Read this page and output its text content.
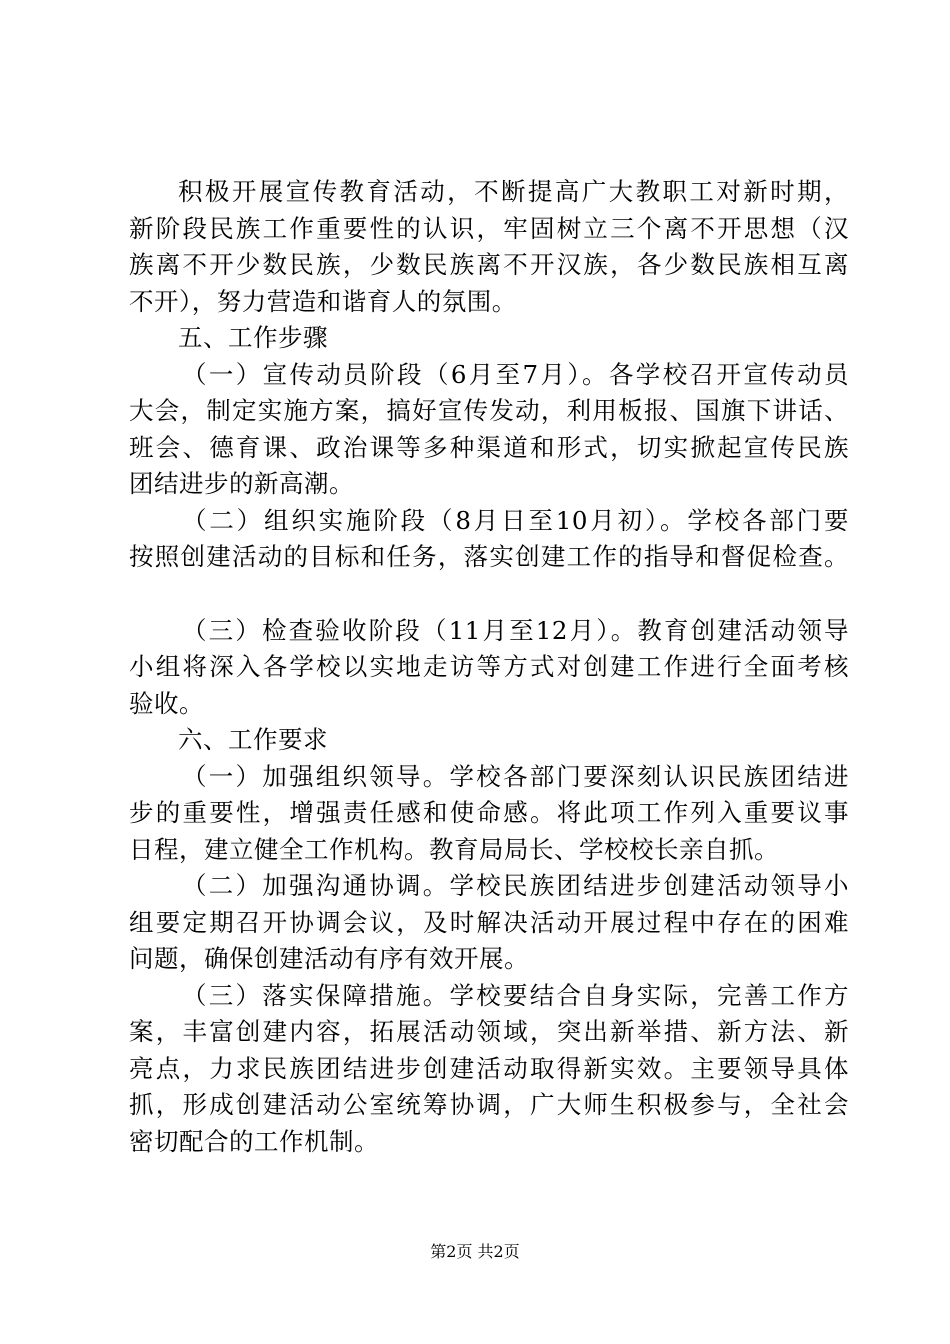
积极开展宣传教育活动，不断提高广大教职工对新时期，
新阶段民族工作重要性的认识，牢固树立三个离不开思想（汉
族离不开少数民族，少数民族离不开汉族，各少数民族相互离
不开），努力营造和谐育人的氛围。
五、工作步骤
（一）宣传动员阶段（6月至7月）。各学校召开宣传动员
大会，制定实施方案，搞好宣传发动，利用板报、国旗下讲话、
班会、德育课、政治课等多种渠道和形式，切实掀起宣传民族
团结进步的新高潮。
（二）组织实施阶段（8月日至10月初）。学校各部门要
按照创建活动的目标和任务，落实创建工作的指导和督促检查。
（三）检查验收阶段（11月至12月）。教育创建活动领导
小组将深入各学校以实地走访等方式对创建工作进行全面考核
验收。
六、工作要求
（一）加强组织领导。学校各部门要深刻认识民族团结进
步的重要性，增强责任感和使命感。将此项工作列入重要议事
日程，建立健全工作机构。教育局局长、学校校长亲自抓。
（二）加强沟通协调。学校民族团结进步创建活动领导小
组要定期召开协调会议，及时解决活动开展过程中存在的困难
问题，确保创建活动有序有效开展。
（三）落实保障措施。学校要结合自身实际，完善工作方
案，丰富创建内容，拓展活动领域，突出新举措、新方法、新
亮点，力求民族团结进步创建活动取得新实效。主要领导具体
抓，形成创建活动公室统筹协调，广大师生积极参与，全社会
密切配合的工作机制。
第2页 共2页
